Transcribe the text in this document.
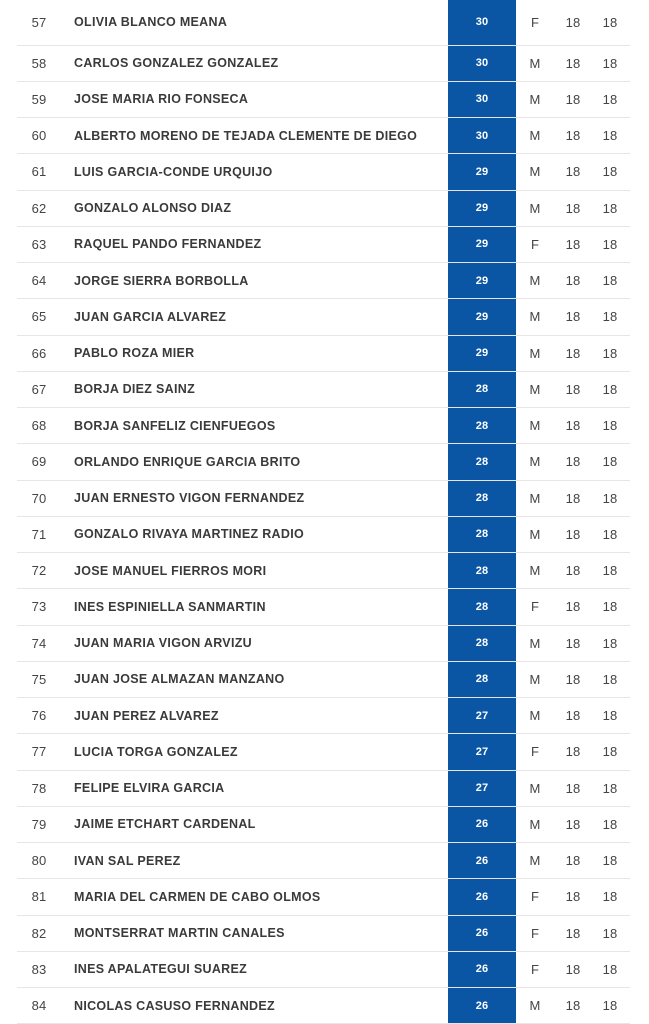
57	OLIVIA BLANCO MEANA	30	F	18	18
58	CARLOS GONZALEZ GONZALEZ	30	M	18	18
59	JOSE MARIA RIO FONSECA	30	M	18	18
60	ALBERTO MORENO DE TEJADA CLEMENTE DE DIEGO	30	M	18	18
61	LUIS GARCIA-CONDE URQUIJO	29	M	18	18
62	GONZALO ALONSO DIAZ	29	M	18	18
63	RAQUEL PANDO FERNANDEZ	29	F	18	18
64	JORGE SIERRA BORBOLLA	29	M	18	18
65	JUAN GARCIA ALVAREZ	29	M	18	18
66	PABLO ROZA MIER	29	M	18	18
67	BORJA DIEZ SAINZ	28	M	18	18
68	BORJA SANFELIZ CIENFUEGOS	28	M	18	18
69	ORLANDO ENRIQUE GARCIA BRITO	28	M	18	18
70	JUAN ERNESTO VIGON FERNANDEZ	28	M	18	18
71	GONZALO RIVAYA MARTINEZ RADIO	28	M	18	18
72	JOSE MANUEL FIERROS MORI	28	M	18	18
73	INES ESPINIELLA SANMARTIN	28	F	18	18
74	JUAN MARIA VIGON ARVIZU	28	M	18	18
75	JUAN JOSE ALMAZAN MANZANO	28	M	18	18
76	JUAN PEREZ ALVAREZ	27	M	18	18
77	LUCIA TORGA GONZALEZ	27	F	18	18
78	FELIPE ELVIRA GARCIA	27	M	18	18
79	JAIME ETCHART CARDENAL	26	M	18	18
80	IVAN SAL PEREZ	26	M	18	18
81	MARIA DEL CARMEN DE CABO OLMOS	26	F	18	18
82	MONTSERRAT MARTIN CANALES	26	F	18	18
83	INES APALATEGUI SUAREZ	26	F	18	18
84	NICOLAS CASUSO FERNANDEZ	26	M	18	18
